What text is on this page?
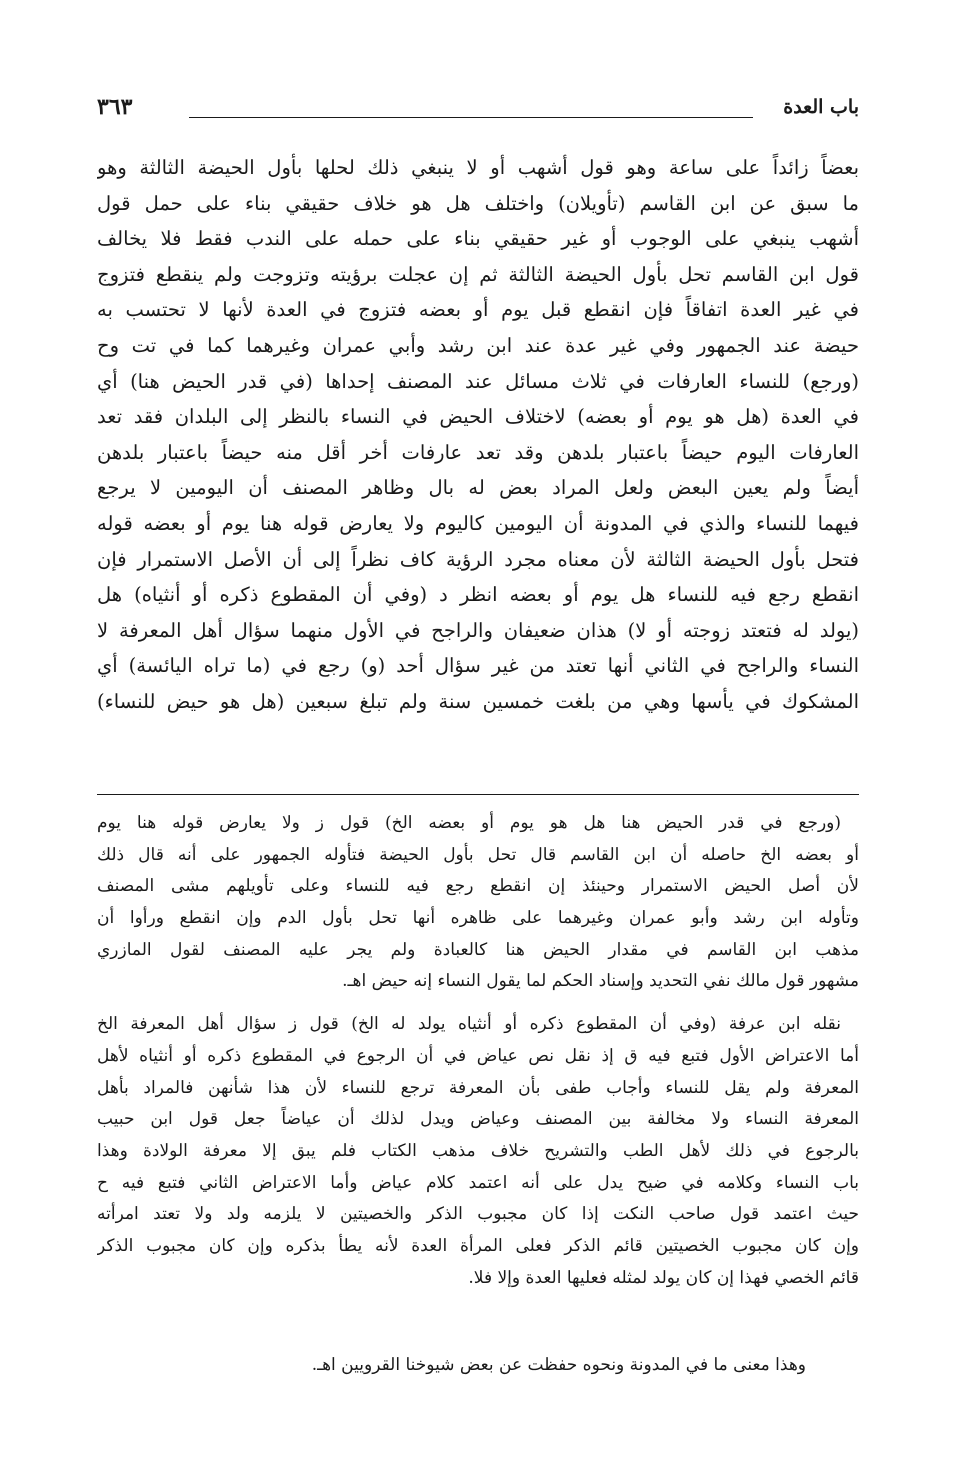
باب العدة
٣٦٣
بعضاً زائداً على ساعة وهو قول أشهب أو لا ينبغي ذلك لحلها بأول الحيضة الثالثة وهو
ما سبق عن ابن القاسم (تأويلان) واختلف هل هو خلاف حقيقي بناء على حمل قول
أشهب ينبغي على الوجوب أو غير حقيقي بناء على حمله على الندب فقط فلا يخالف
قول ابن القاسم تحل بأول الحيضة الثالثة ثم إن عجلت برؤيته وتزوجت ولم ينقطع فتزوج
في غير العدة اتفاقاً فإن انقطع قبل يوم أو بعضه فتزوج في العدة لأنها لا تحتسب به
حيضة عند الجمهور وفي غير عدة عند ابن رشد وأبي عمران وغيرهما كما في تت وح
(ورجع) للنساء العارفات في ثلاث مسائل عند المصنف إحداها (في قدر الحيض هنا) أي
في العدة (هل هو يوم أو بعضه) لاختلاف الحيض في النساء بالنظر إلى البلدان فقد تعد
العارفات اليوم حيضاً باعتبار بلدهن وقد تعد عارفات أخر أقل منه حيضاً باعتبار بلدهن
أيضاً ولم يعين البعض ولعل المراد بعض له بال وظاهر المصنف أن اليومين لا يرجع
فيهما للنساء والذي في المدونة أن اليومين كاليوم ولا يعارض قوله هنا يوم أو بعضه قوله
فتحل بأول الحيضة الثالثة لأن معناه مجرد الرؤية كاف نظراً إلى أن الأصل الاستمرار فإن
انقطع رجع فيه للنساء هل يوم أو بعضه انظر د (وفي أن المقطوع ذكره أو أنثياه) هل
(يولد له فتعتد زوجته أو لا) هذان ضعيفان والراجح في الأول منهما سؤال أهل المعرفة لا
النساء والراجح في الثاني أنها تعتد من غير سؤال أحد (و) رجع في (ما تراه اليائسة) أي
المشكوك في يأسها وهي من بلغت خمسين سنة ولم تبلغ سبعين (هل هو حيض للنساء)
(ورجع في قدر الحيض هنا هل هو يوم أو بعضه الخ) قول ز ولا يعارض قوله هنا يوم
أو بعضه الخ حاصله أن ابن القاسم قال تحل بأول الحيضة فتأوله الجمهور على أنه قال ذلك
لأن أصل الحيض الاستمرار وحينئذ إن انقطع رجع فيه للنساء وعلى تأويلهم مشى المصنف
وتأوله ابن رشد وأبو عمران وغيرهما على ظاهره أنها تحل بأول الدم وإن انقطع ورأوا أن
مذهب ابن القاسم في مقدار الحيض هنا كالعبادة ولم يجر عليه المصنف لقول المازري
مشهور قول مالك نفي التحديد وإسناد الحكم لما يقول النساء إنه حيض اهـ.
نقله ابن عرفة (وفي أن المقطوع ذكره أو أنثياه يولد له الخ) قول ز سؤال أهل المعرفة الخ
أما الاعتراض الأول فتبع فيه ق إذ نقل نص عياض في أن الرجوع في المقطوع ذكره أو أنثياه لأهل
المعرفة ولم يقل للنساء وأجاب طفى بأن المعرفة ترجع للنساء لأن هذا شأنهن فالمراد بأهل
المعرفة النساء ولا مخالفة بين المصنف وعياض ويدل لذلك أن عياضاً جعل قول ابن حبيب
بالرجوع في ذلك لأهل الطب والتشريح خلاف مذهب الكتاب فلم يبق إلا معرفة الولادة وهذا
باب النساء وكلامه في ضيح يدل على أنه اعتمد كلام عياض وأما الاعتراض الثاني فتبع فيه ح
حيث اعتمد قول صاحب النكت إذا كان مجبوب الذكر والخصيتين لا يلزمه ولد ولا تعتد امرأته
وإن كان مجبوب الخصيتين قائم الذكر فعلى المرأة العدة لأنه يطأ بذكره وإن كان مجبوب الذكر
قائم الخصي فهذا إن كان يولد لمثله فعليها العدة وإلا فلا.
وهذا معنى ما في المدونة ونحوه حفظت عن بعض شيوخنا القرويين اهـ.
